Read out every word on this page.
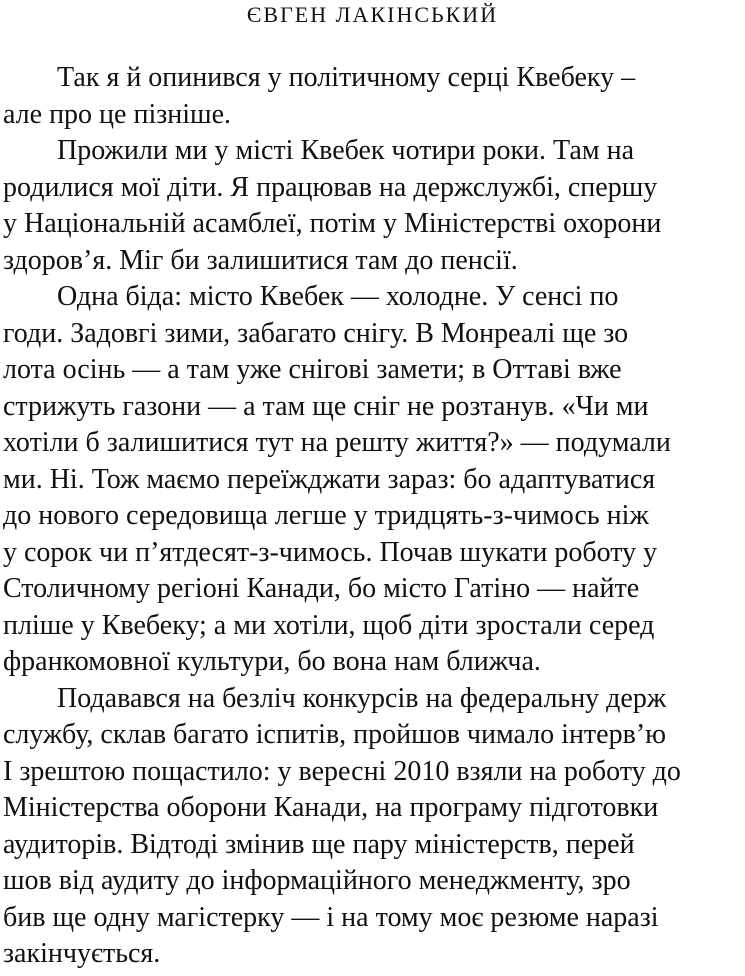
ЄВГЕН ЛАКІНСЬКИЙ
Так я й опинився у політичному серці Квебеку –
але про це пізніше.
Прожили ми у місті Квебек чотири роки. Там на
родилися мої діти. Я працював на держслужбі, спершу
у Національній асамблеї, потім у Міністерстві охорони
здоров’я. Міг би залишитися там до пенсії.
Одна біда: місто Квебек — холодне. У сенсі по
годи. Задовгі зими, забагато снігу. В Монреалі ще зо
лота осінь — а там уже снігові замети; в Оттаві вже
стрижуть газони — а там ще сніг не розтанув. «Чи ми
хотіли б залишитися тут на решту життя?» — подумали
ми. Ні. Тож маємо переїжджати зараз: бо адаптуватися
до нового середовища легше у тридцять-з-чимось ніж
у сорок чи п’ятдесят-з-чимось. Почав шукати роботу у
Столичному регіоні Канади, бо місто Гатіно — найте
пліше у Квебеку; а ми хотіли, щоб діти зростали серед
франкомовної культури, бо вона нам ближча.
Подавався на безліч конкурсів на федеральну держ
службу, склав багато іспитів, пройшов чимало інтерв’ю
І зрештою пощастило: у вересні 2010 взяли на роботу до
Міністерства оборони Канади, на програму підготовки
аудиторів. Відтоді змінив ще пару міністерств, перей
шов від аудиту до інформаційного менеджменту, зро
бив ще одну магістерку — і на тому моє резюме наразі
закінчується.
